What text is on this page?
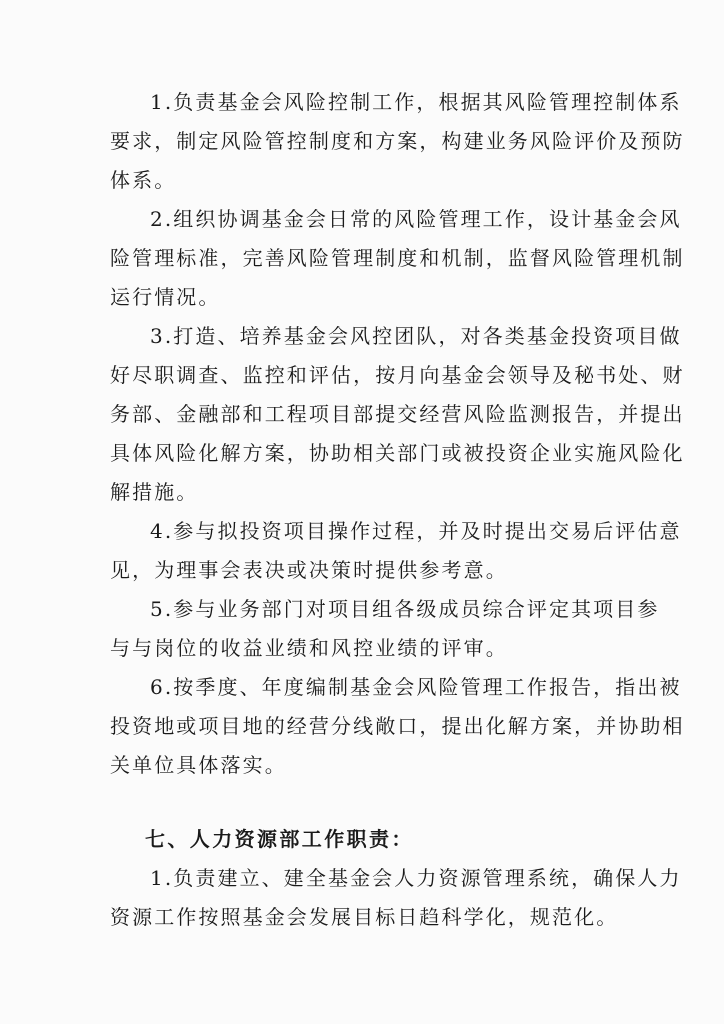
1.负责基金会风险控制工作，根据其风险管理控制体系
要求，制定风险管控制度和方案，构建业务风险评价及预防
体系。
2.组织协调基金会日常的风险管理工作，设计基金会风
险管理标准，完善风险管理制度和机制，监督风险管理机制
运行情况。
3.打造、培养基金会风控团队，对各类基金投资项目做
好尽职调查、监控和评估，按月向基金会领导及秘书处、财
务部、金融部和工程项目部提交经营风险监测报告，并提出
具体风险化解方案，协助相关部门或被投资企业实施风险化
解措施。
4.参与拟投资项目操作过程，并及时提出交易后评估意
见，为理事会表决或决策时提供参考意。
5.参与业务部门对项目组各级成员综合评定其项目参
与与岗位的收益业绩和风控业绩的评审。
6.按季度、年度编制基金会风险管理工作报告，指出被
投资地或项目地的经营分线敞口，提出化解方案，并协助相
关单位具体落实。
七、人力资源部工作职责：
1.负责建立、建全基金会人力资源管理系统，确保人力
资源工作按照基金会发展目标日趋科学化，规范化。
